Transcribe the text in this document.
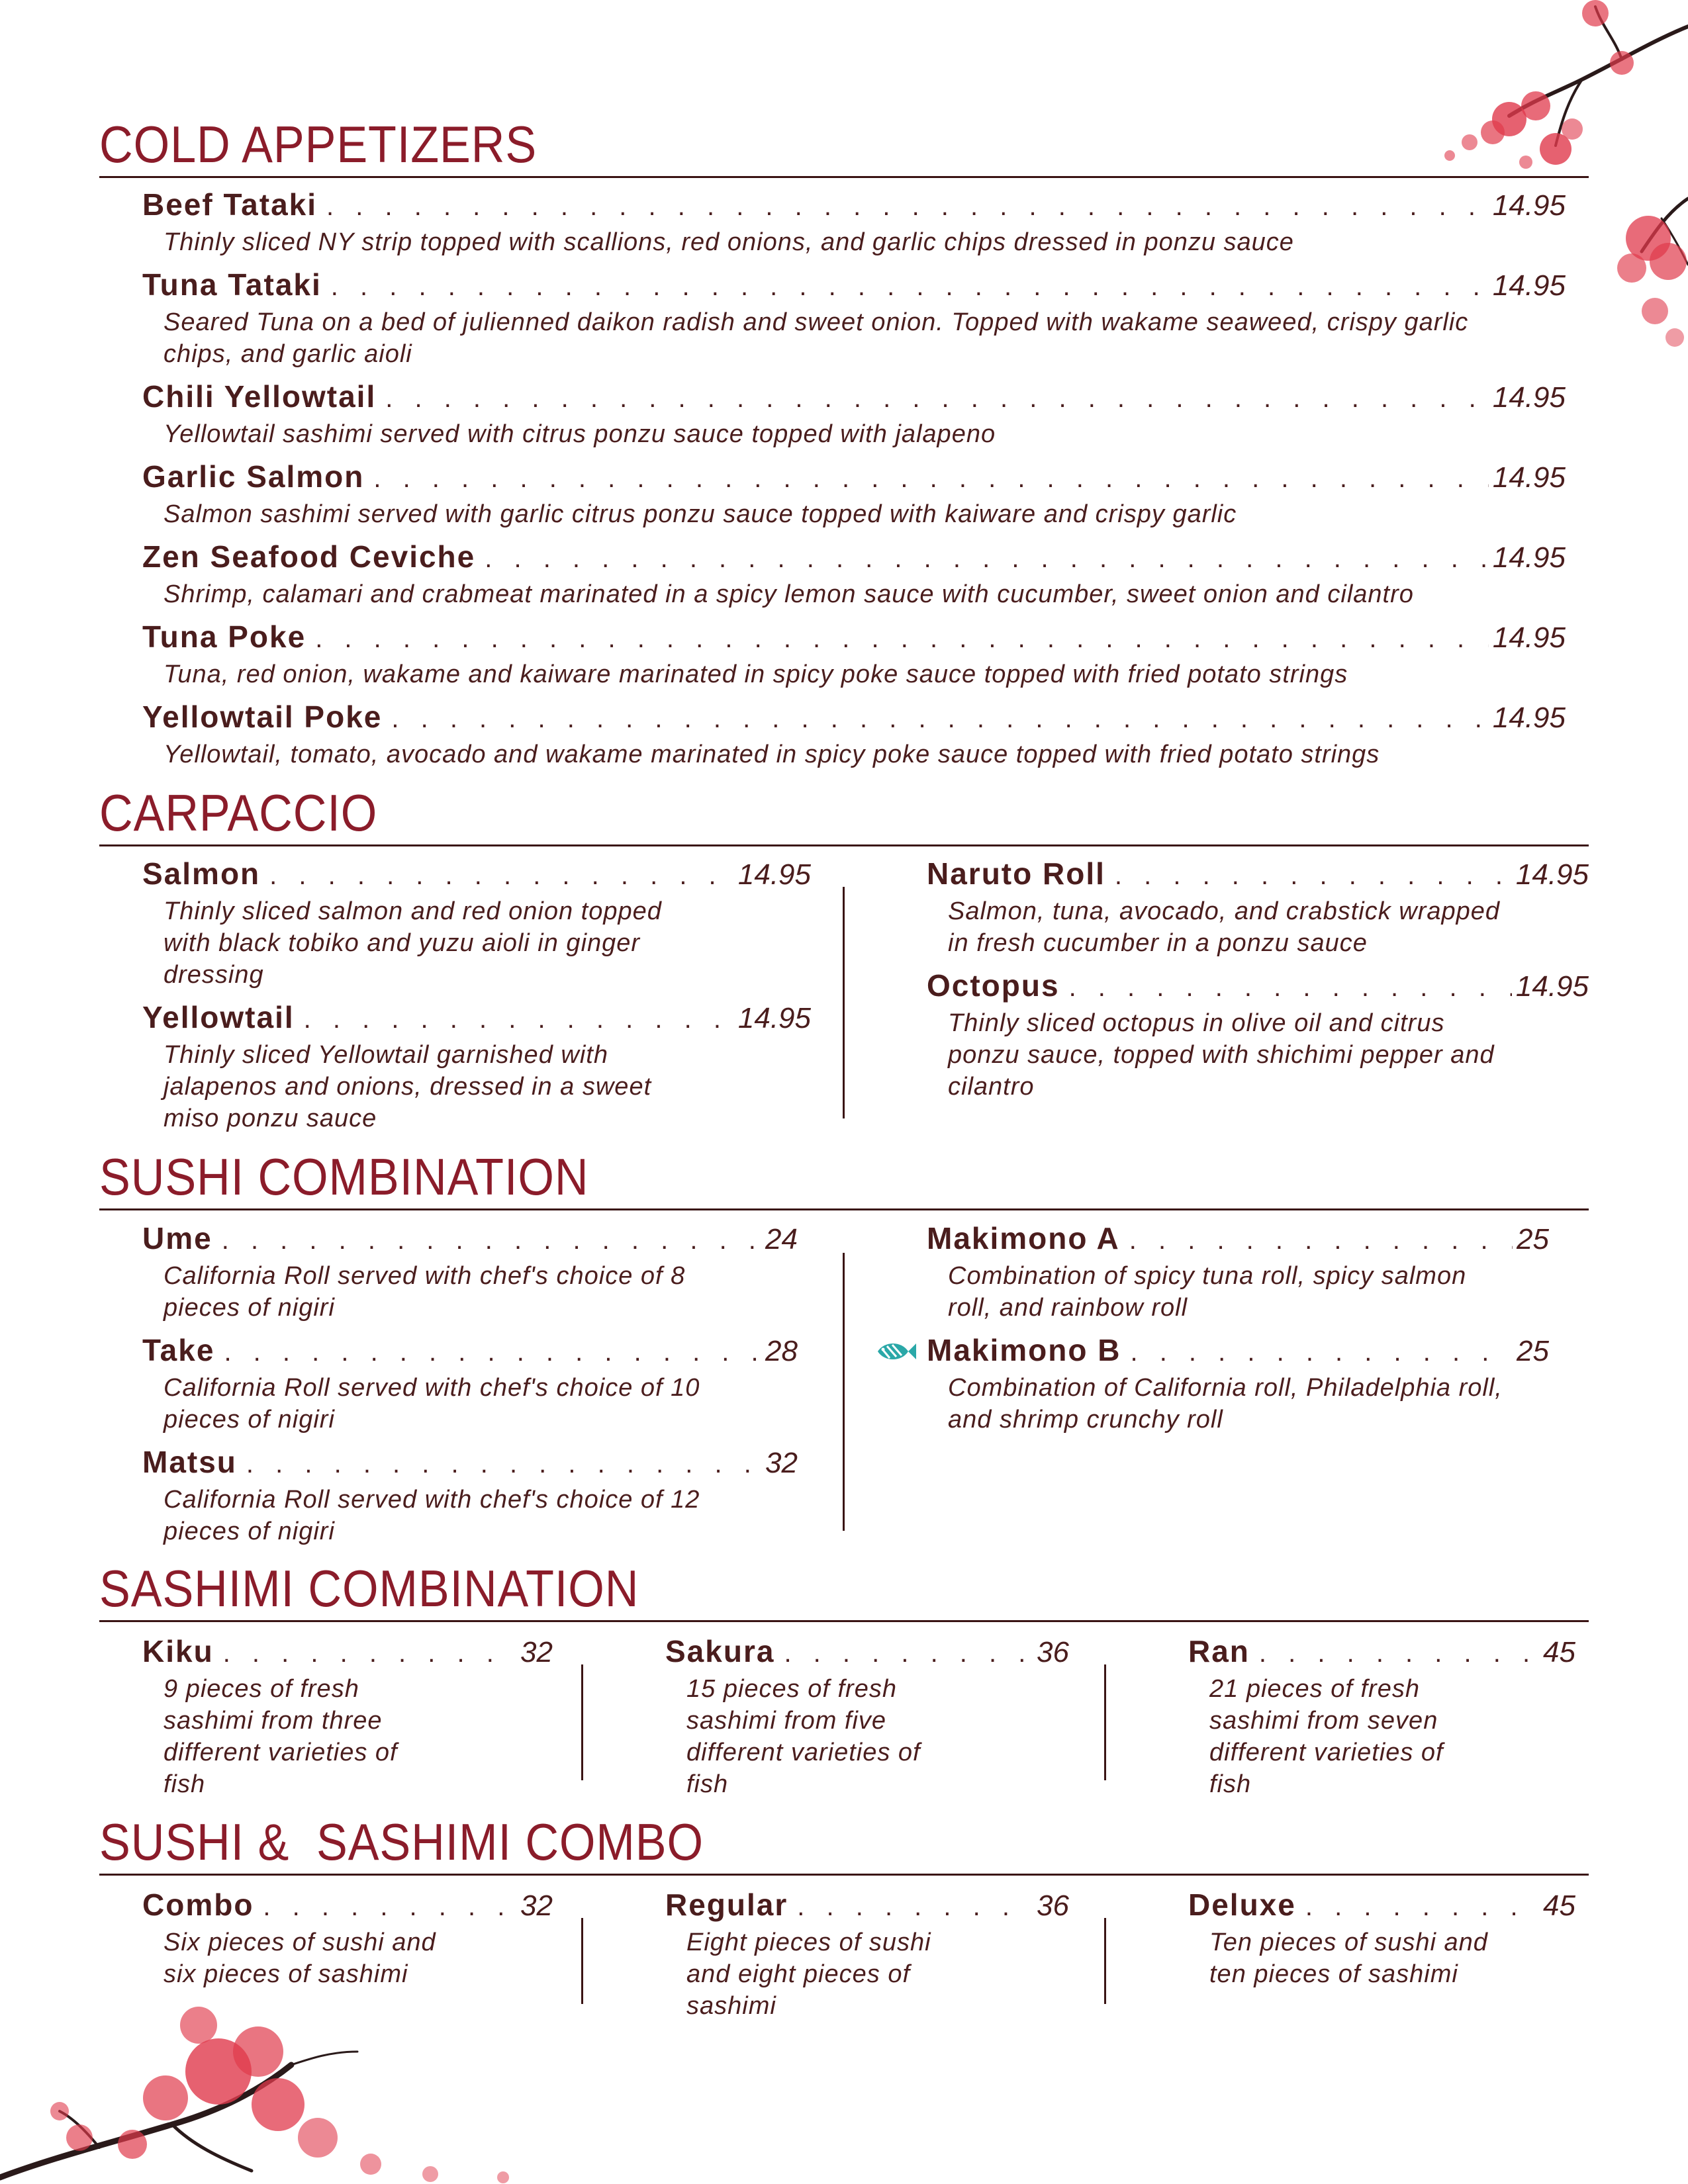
COLD APPETIZERS
Beef Tataki . . .	14.95
Thinly sliced NY strip topped with scallions, red onions, and garlic chips dressed in ponzu sauce
Tuna Tataki . . .	14.95
Seared Tuna on a bed of julienned daikon radish and sweet onion. Topped with wakame seaweed, crispy garlic chips, and garlic aioli
Chili Yellowtail . . .	14.95
Yellowtail sashimi served with citrus ponzu sauce topped with jalapeno
Garlic Salmon . . .	14.95
Salmon sashimi served with garlic citrus ponzu sauce topped with kaiware and crispy garlic
Zen Seafood Ceviche . . .	14.95
Shrimp, calamari and crabmeat marinated in a spicy lemon sauce with cucumber, sweet onion and cilantro
Tuna Poke . . .	14.95
Tuna, red onion, wakame and kaiware marinated in spicy poke sauce topped with fried potato strings
Yellowtail Poke . . .	14.95
Yellowtail, tomato, avocado and wakame marinated in spicy poke sauce topped with fried potato strings
CARPACCIO
Salmon . . .	14.95
Thinly sliced salmon and red onion topped with black tobiko and yuzu aioli in ginger dressing
Yellowtail . . .	14.95
Thinly sliced Yellowtail garnished with jalapenos and onions, dressed in a sweet miso ponzu sauce
Naruto Roll . . .	14.95
Salmon, tuna, avocado, and crabstick wrapped in fresh cucumber in a ponzu sauce
Octopus . . .	14.95
Thinly sliced octopus in olive oil and citrus ponzu sauce, topped with shichimi pepper and cilantro
SUSHI COMBINATION
Ume . . .	24
California Roll served with chef's choice of 8 pieces of nigiri
Take . . .	28
California Roll served with chef's choice of 10 pieces of nigiri
Matsu . . .	32
California Roll served with chef's choice of 12 pieces of nigiri
Makimono A . . .	25
Combination of spicy tuna roll, spicy salmon roll, and rainbow roll
Makimono B . . .	25
Combination of California roll, Philadelphia roll, and shrimp crunchy roll
SASHIMI COMBINATION
Kiku . . .	32
9 pieces of fresh sashimi from three different varieties of fish
Sakura . . .	36
15 pieces of fresh sashimi from five different varieties of fish
Ran . . .	45
21 pieces of fresh sashimi from seven different varieties of fish
SUSHI &  SASHIMI COMBO
Combo . . .	32
Six pieces of sushi and six pieces of sashimi
Regular . . .	36
Eight pieces of sushi and eight pieces of sashimi
Deluxe . . .	45
Ten pieces of sushi and ten pieces of sashimi
